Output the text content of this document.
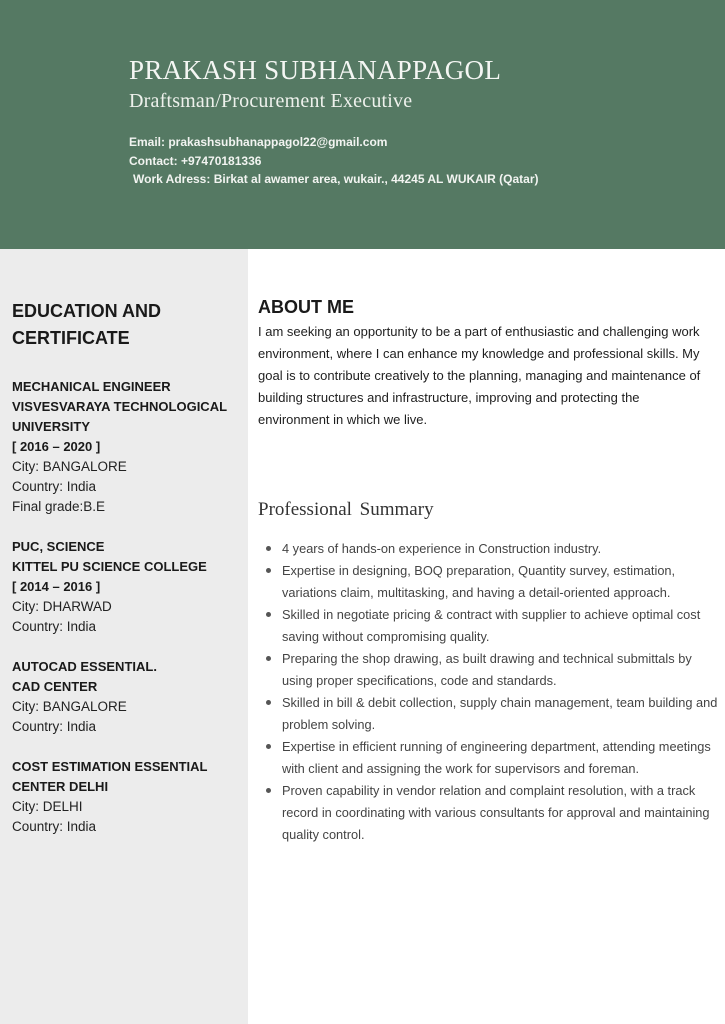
PRAKASH SUBHANAPPAGOL
Draftsman/Procurement Executive
Email: prakashsubhanappagol22@gmail.com
Contact: +97470181336
Work Adress: Birkat al awamer area, wukair., 44245 AL WUKAIR (Qatar)
EDUCATION AND CERTIFICATE
MECHANICAL ENGINEER
VISVESVARAYA TECHNOLOGICAL UNIVERSITY
[ 2016 – 2020 ]
City: BANGALORE
Country: India
Final grade:B.E
PUC, SCIENCE
KITTEL PU SCIENCE COLLEGE
[ 2014 – 2016 ]
City: DHARWAD
Country: India
AUTOCAD ESSENTIAL.
CAD CENTER
City: BANGALORE
Country: India
COST ESTIMATION ESSENTIAL CENTER DELHI
City: DELHI
Country: India
ABOUT ME
I am seeking an opportunity to be a part of enthusiastic and challenging work environment, where I can enhance my knowledge and professional skills. My goal is to contribute creatively to the planning, managing and maintenance of building structures and infrastructure, improving and protecting the environment in which we live.
Professional Summary
4 years of hands-on experience in Construction industry.
Expertise in designing, BOQ preparation, Quantity survey, estimation, variations claim, multitasking, and having a detail-oriented approach.
Skilled in negotiate pricing & contract with supplier to achieve optimal cost saving without compromising quality.
Preparing the shop drawing, as built drawing and technical submittals by using proper specifications, code and standards.
Skilled in bill & debit collection, supply chain management, team building and problem solving.
Expertise in efficient running of engineering department, attending meetings with client and assigning the work for supervisors and foreman.
Proven capability in vendor relation and complaint resolution, with a track record in coordinating with various consultants for approval and maintaining quality control.
